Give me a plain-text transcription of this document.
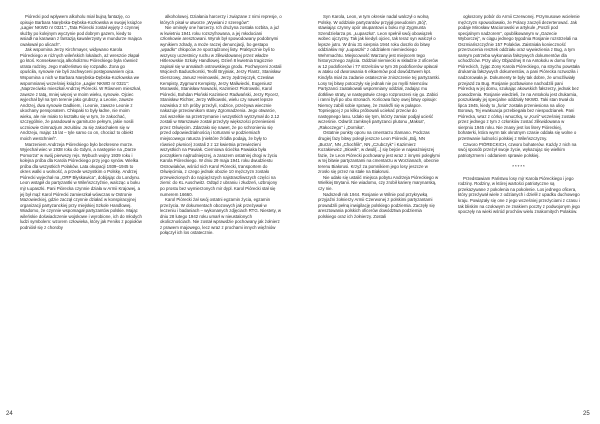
Piórecki pod wpływem alkoholu miał bujną fantazję, co opisuje Barbara Narębska-Dębska-Kozłowska w swojej książce „Łagier NKWD nr 0321”: „Tata Piórecki został wyjęty z czynnej służby po kolejnym wyczynie pod dobrym gazem, kiedy to wsiadł na karawan z fantazją kawalerzysty w mundurze mająca cwałował po ulicach”.

Jak wspomina Jerzy Kirchmayer, widywano Karola Pióreckiego w różnych wileńskich lokalach, aż wreszcie złapał go ktoś. Konsekwencją alkoholizmu Pióreckiego była również utrata rodziny. Jego małżeństwo się rozpadło. Żona go opuściła, synowie nie byli zachwyceni postępowaniem ojca. Wspomina o nich w Barbara Narębska-Dębska-Kozłowska we wspomnianej wcześniej książce „Łagier NKWD nr 0321”: „Naprzeciwko mieszkał Andrzej Piórecki. W Równem mieszkał, zawsze z tatą, mniej więcej w moim wieku, synowie. Ojciec wyjechał był na tym terenie jako grubszy, a Leonie, zawsze Andrzej, dwa synowie Dadkiem, i Leonie, zawsze Leonie z ukochany pensjonatem. Chłopaki to były ładne, nie moim wieku, ale nie miało to kształtu się w tym, że zakochać, szczęgólnie, że paradował w garniturze pełnym, jakie nosili uczniowie Gimnazjum Jezuitów. Ja się zakochałem się w Andrzeju, mając 15 lat – tyle samo co on, chociaż to obiekt moich westchnień”.

Marzeniem Andrzeja Pióreckiego było bezkresne morze. Wyjechał wiec w 1938 roku do Gdyni, a następnie na „Darze Pomorza” w swój pierwszy rejs. Wybuch wojny 1939 roku i kolejna próba dla Karola Pióreckiego przy jego synów. Wielka próba dla wszystkich Polaków. Lata okupacji 1939–1945 to okres walki o wolność, a przede wszystkim o Polskę. Andrzej Piórecki wyjechał na „ORP Błyskawica”, dobijając do Londynu. Leon wstąpił do partyzantki w Wileńszczyźnie, walcząc u boku mjr Łupaszki. Pani Piórecka czynnie działa w Armii Krajowej, a jej był mąż Karol Piórecki zamieszkał wówczas w Ostronie Mazowieckiej, gdzie zaczął czynnie działać w konspiracyjnej organizacji partyzanckiej przy miejskiej Szkole Handlowej. Wiadomo, że czynnie wspomagał partyzantów polskie. Mając wileńskie doświadczenie wojskowe i wyrobione, ich do młodych ludzi symbolem: wzorem człowieka, który jak Feniks z popiołów podniósł się z choroby

alkoholowej. Działania harcerzy i związane z nimi represje, o których pisał w utworze „Wywiani z szeregów”:

Nie ominęły one harcerzy. Ich drużyna została rozbita, a już w kwietniu 1941 roku rozszyfrowana, a jej młodociani członkowie aresztowani. Wyrok był spowodowany podobnymi wynikiem zdrady, a może raczej denuncjacji, bo gestapo „wpadło” chłopców ze sporządzonej listy. Praktycznie byli to wszyscy uczestnicy ruchu w zlikwidowanej przez władze Hitlerowskie Szkoły Handlowej. Dzień 8 kwietnia tragicznie zapisał się w annałach ostrowskiego grodu. Pochwyceni zostali Wojciech Baduszkorski, Teofil Bryjniak, Jerzy Flantz, Stanisław Gierszowy, Janusz Heimowski, Jerzy Jędrzejczyk, Czesław Kempisty, Zygmunt Kempisty, Jerzy Maliwiecki, Eugeniusz Morawski, Stanisław Nowacki, Kazimierz Piotrowski, Karol Piórecki, Bohdan Płoński Kazimierz Radwański, Jerzy Rycerz, Stanisław Richter, Jerzy Wilkowski, wielu czy nawet lepsze nazwiska 2 Ich próby przeżyli, rodzice, przeżywa wiecznie nakazuje przeciwnikom stany Zgromadzenia. Jego otwarcie, zaś wszelkie na przetrzymanie i wszystkich wytrzymał do 2.12 zostali w Warszawie został przeżyty większości przeniesieni przez Oświęcim. Zdarzało się nawet, że po schronieniu się przed odpowiedzialnością i torturami w podziemiach miejscowego ratusza (niektóre źródła podają, że były to również piwnice) zostali 2 z 12 kwietnia przewiezieni wszystkich na Pawiak. Cierniowa ścieżka Pawiaka była początkiem najtrudniejszej, a zarazem ostatniej drogi w życiu Karola Pióreckiego. W dniu 29 maja 1941 roku dwudziestu Ostrowiaków, wśród nich Karol Piórecki, transportem do Oświęcimia, z czego jednak obozie 10 mężczyzn zostało przewiezionych do najcięższych najstraszliwszych części na ziemi: do KL Auschwitz. Odtąd z ubraniu i złudzeń, uzbrojony po prostu bez wymierzonych mir dypl. Karol Piórecki stał się numerem 16660.

Karol Piórecki żał swój ostatni egzamin życia, egzamin przeżycia. W dokumentach obozowych jak przeżywał w leczeniu i badaniach – wykonanych zdjęciach RTG. Niestety, w dniu 28 lutego 1942 roku umarł w nieustalonych okolicznościach. Nie został wprawdzie pochowany jak żołnierz z prawem majowego, lecz wraz z prochami innych więźniów połączył ich los ostatecznie.

24

Syn Karola, Leon, w tym okresie nadal walczył o wolną Polskę. W oddziale partyzantów przyjął pseudonim „Bój”, stawiając czynny opór okupantowi u boku mjr Zygmunta Szendzielarza ps. „Łupaszka”. Leon spełnił swój obowiązek wobec ojczyzny. Tak jak kiedyś ojciec, tak teraz syn walczył o lepsze jutro. W dniu 31 sierpnia 1944 roku doszło do bitwy oddziałów mjr „Łupaszki” z oddziałem niemieckiego Wehrmachtu. Miejscowość Warzany jest miejscem tego historycznego zajścia. Oddział niemiecki w składzie 2 oficerów w 12 podoficerów i 77 strzelców w tym 26 podoficerów opłacał w ataku od dworowania 6 elkaemów pod dowództwem kpt. Kindyfa miał za zadanie ostatecznie zniszczenie tej partyzantki. Losy tej bitwy potoczyły się jednak nie po myśli Niemców. Partyzanci zaatakowali wspomniany oddział, zadając mu dotkliwe straty, w następstwie czego rozproszeni się go. Zabici i ranni byli po obu stronach. Końcowa fazę owej bitwy opisuje: Niemcy zabili sobie sprawę, że znaleźli się w pułapce. Topniejącej z po kilku próbowali uciekać przeciw do następnego lasu. Udało się tym, którzy zamiar podjął ucieść wcześnie. Odwrót zamknęli partyzanci plutonu „Maksa”, „Rakoczego” i „Dornika”.

Ostatnie punkty oporu na cmentarzu zlamano. Podczas drugiej fazy bitwy poległ jeszcze Leon Piórecki „Bój, NN „Burza”, NN „Chochlik”, NN „Czubczyk” i Kazimierz Kozakiewicz „Słowik”, w dwuli[...] się bejcie w najważniejszej fazie, że Leon Piórecki pochowany jest wraz z innymi poległymi w tej bitwie partyzantami na cmentarzu w Worzianach, obecnie terenu Białorusi. Krzyż za pomnikiem jego losy jeszcze w zrosło się przez na stałe na Białorusi.

Nie udało się ustalić miejsca pobytu Andrzeja Pióreckiego w Wielkiej Brytanii. Nie wiadomo, czy zrobił karierę marynarską, czy nie.

Nadszedł rok 1944. Rosjanie w Wilnie pod przykrywką przyjaźni żołnierzy Armii Czerwonej z polskimi partyzantami prowadzili pełną inwigilację polskiego podziemia. Zaczęły się aresztowania polskich oficerów dowództwa podziemia polskiego oraz ich żołnierzy. Zostali

ogłoszony pobór do Armii Czerwonej. Przymusowe wcielenie mężczyzn spowodowało, że Polacy zaczęli dezerterować. Jak podaje Mirosław Maciorowski w artykule „Poszli pod specjalnym nadzorem”, opublikowanym w „Gazecie Wyborczej”, w ciągu jednego tygodnia Rosjanie rozstrzelali na Oszmiańszczyźnie 157 Polaków. Zaistniała konieczność przerzucenia resztek oddziału oraz wywiezienia z Bug, a tym samym potrzeba wykonania fałszywych dokumentów dla uchodźców. Przy ulicy Objazdnej 8 na Antokolu w domu firmy Pióreckich, żyjąc Zony Karola Pióreckiego, na strychu powstała drukarnia fałszywych dokumentów, a pani Piórecka rozwoziła i nadzorowała je. Dokumenty te były tak dobre, że umożliwiały przejazd za Bug. Rosjanie pozbawione nachodzili pani Piórecką w jej domu, szukając akowskich fałszerzy, jednak bez powodzenia. Rosjanie wiedzieli, że na Antokolu jest drukarnia, poszukiwały jej specjalne oddziały NKWD. Taki stan trwał do lipca 1945, kiedy to „furia” została przeniesiona na ulicę Borową. Tej ewakuacja przebiegała bez niespodzianek. Pani Piórecka, wraz z córką i wnuczką, w „Kurii” wcześniej zostało przez jednego z tym z członków zostać zlikwidowana w sierpniu 1945 roku. Nie znany jest los litery Pióreckiej, bohaterki, która wyrm tak okrutnym czasie oddała się wolne o przetrwanie ludności polskiej z Wileńszczyzny.

Czworo PIÓRECKICH, czworo bohaterów. Każdy z nich na swój sposób przeżył swoje życie, wykazując się wielkim patriotyzmem i oddaniem sprawie polskiej.

*****

Przedstawiam Państwu losy mjr Karola Pióreckiego i jego rodziny. Rodziny, w której wartości patriotyczne są przekazywane z pokolenia na pokolenie. Los jednego oficera, który przeżywał wiele z odzianych i dzielił z upadku duchowego kraju. Powiązały się one z jego wcześniej przeżyciami z czasu i tak bliskim na czołowym ze znakiem poczty z podwojonym jego spoczęły na wieki wśród prochów wielu znakomitych Polaków.

25
